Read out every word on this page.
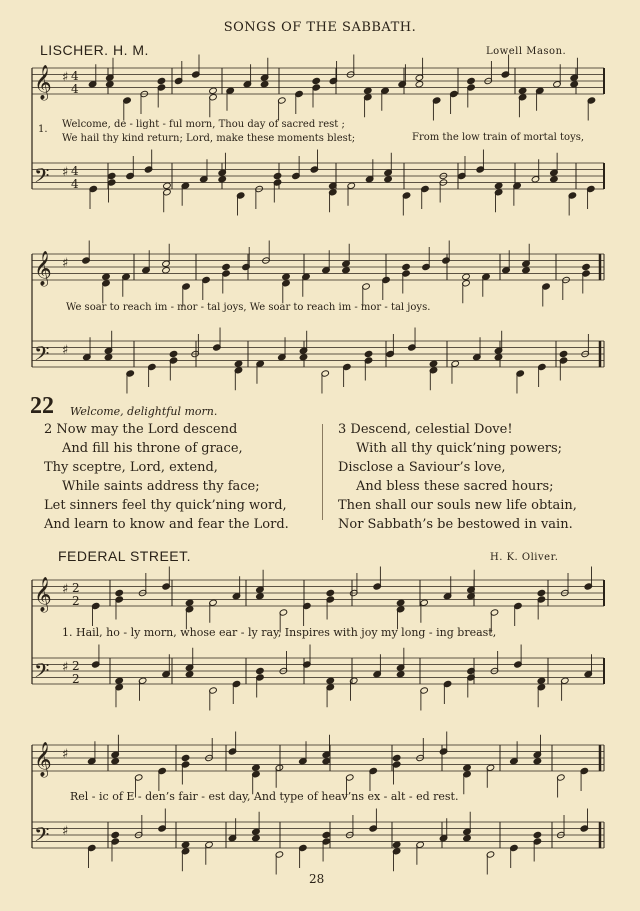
SONGS OF THE SABBATH.
LISCHER. H. M.	Lowell Mason.
𝄞
𝄢
♯
♯
4
4
4
4
𝄞
𝄢
♯
♯
𝄞
𝄢
♯
♯
2
2
2
2
𝄞
𝄢
♯
♯
1. Welcome, de - light - ful morn, Thou day of sacred rest ;
We hail thy kind return; Lord, make these moments blest;	From the low train of mortal toys,
We soar to reach im - mor - tal joys, We soar to reach im - mor - tal joys.
22 Welcome, delightful morn.
2 Now may the Lord descend
And fill his throne of grace,
Thy sceptre, Lord, extend,
While saints address thy face;
Let sinners feel thy quick’ning word,
And learn to know and fear the Lord.
3 Descend, celestial Dove!
With all thy quick’ning powers;
Disclose a Saviour’s love,
And bless these sacred hours;
Then shall our souls new life obtain,
Nor Sabbath’s be bestowed in vain.
FEDERAL STREET.	H. K. Oliver.
1. Hail, ho - ly morn, whose ear - ly ray, Inspires with joy my long - ing breast,
Rel - ic of E - den’s fair - est day, And type of heav’ns ex - alt - ed rest.
28
